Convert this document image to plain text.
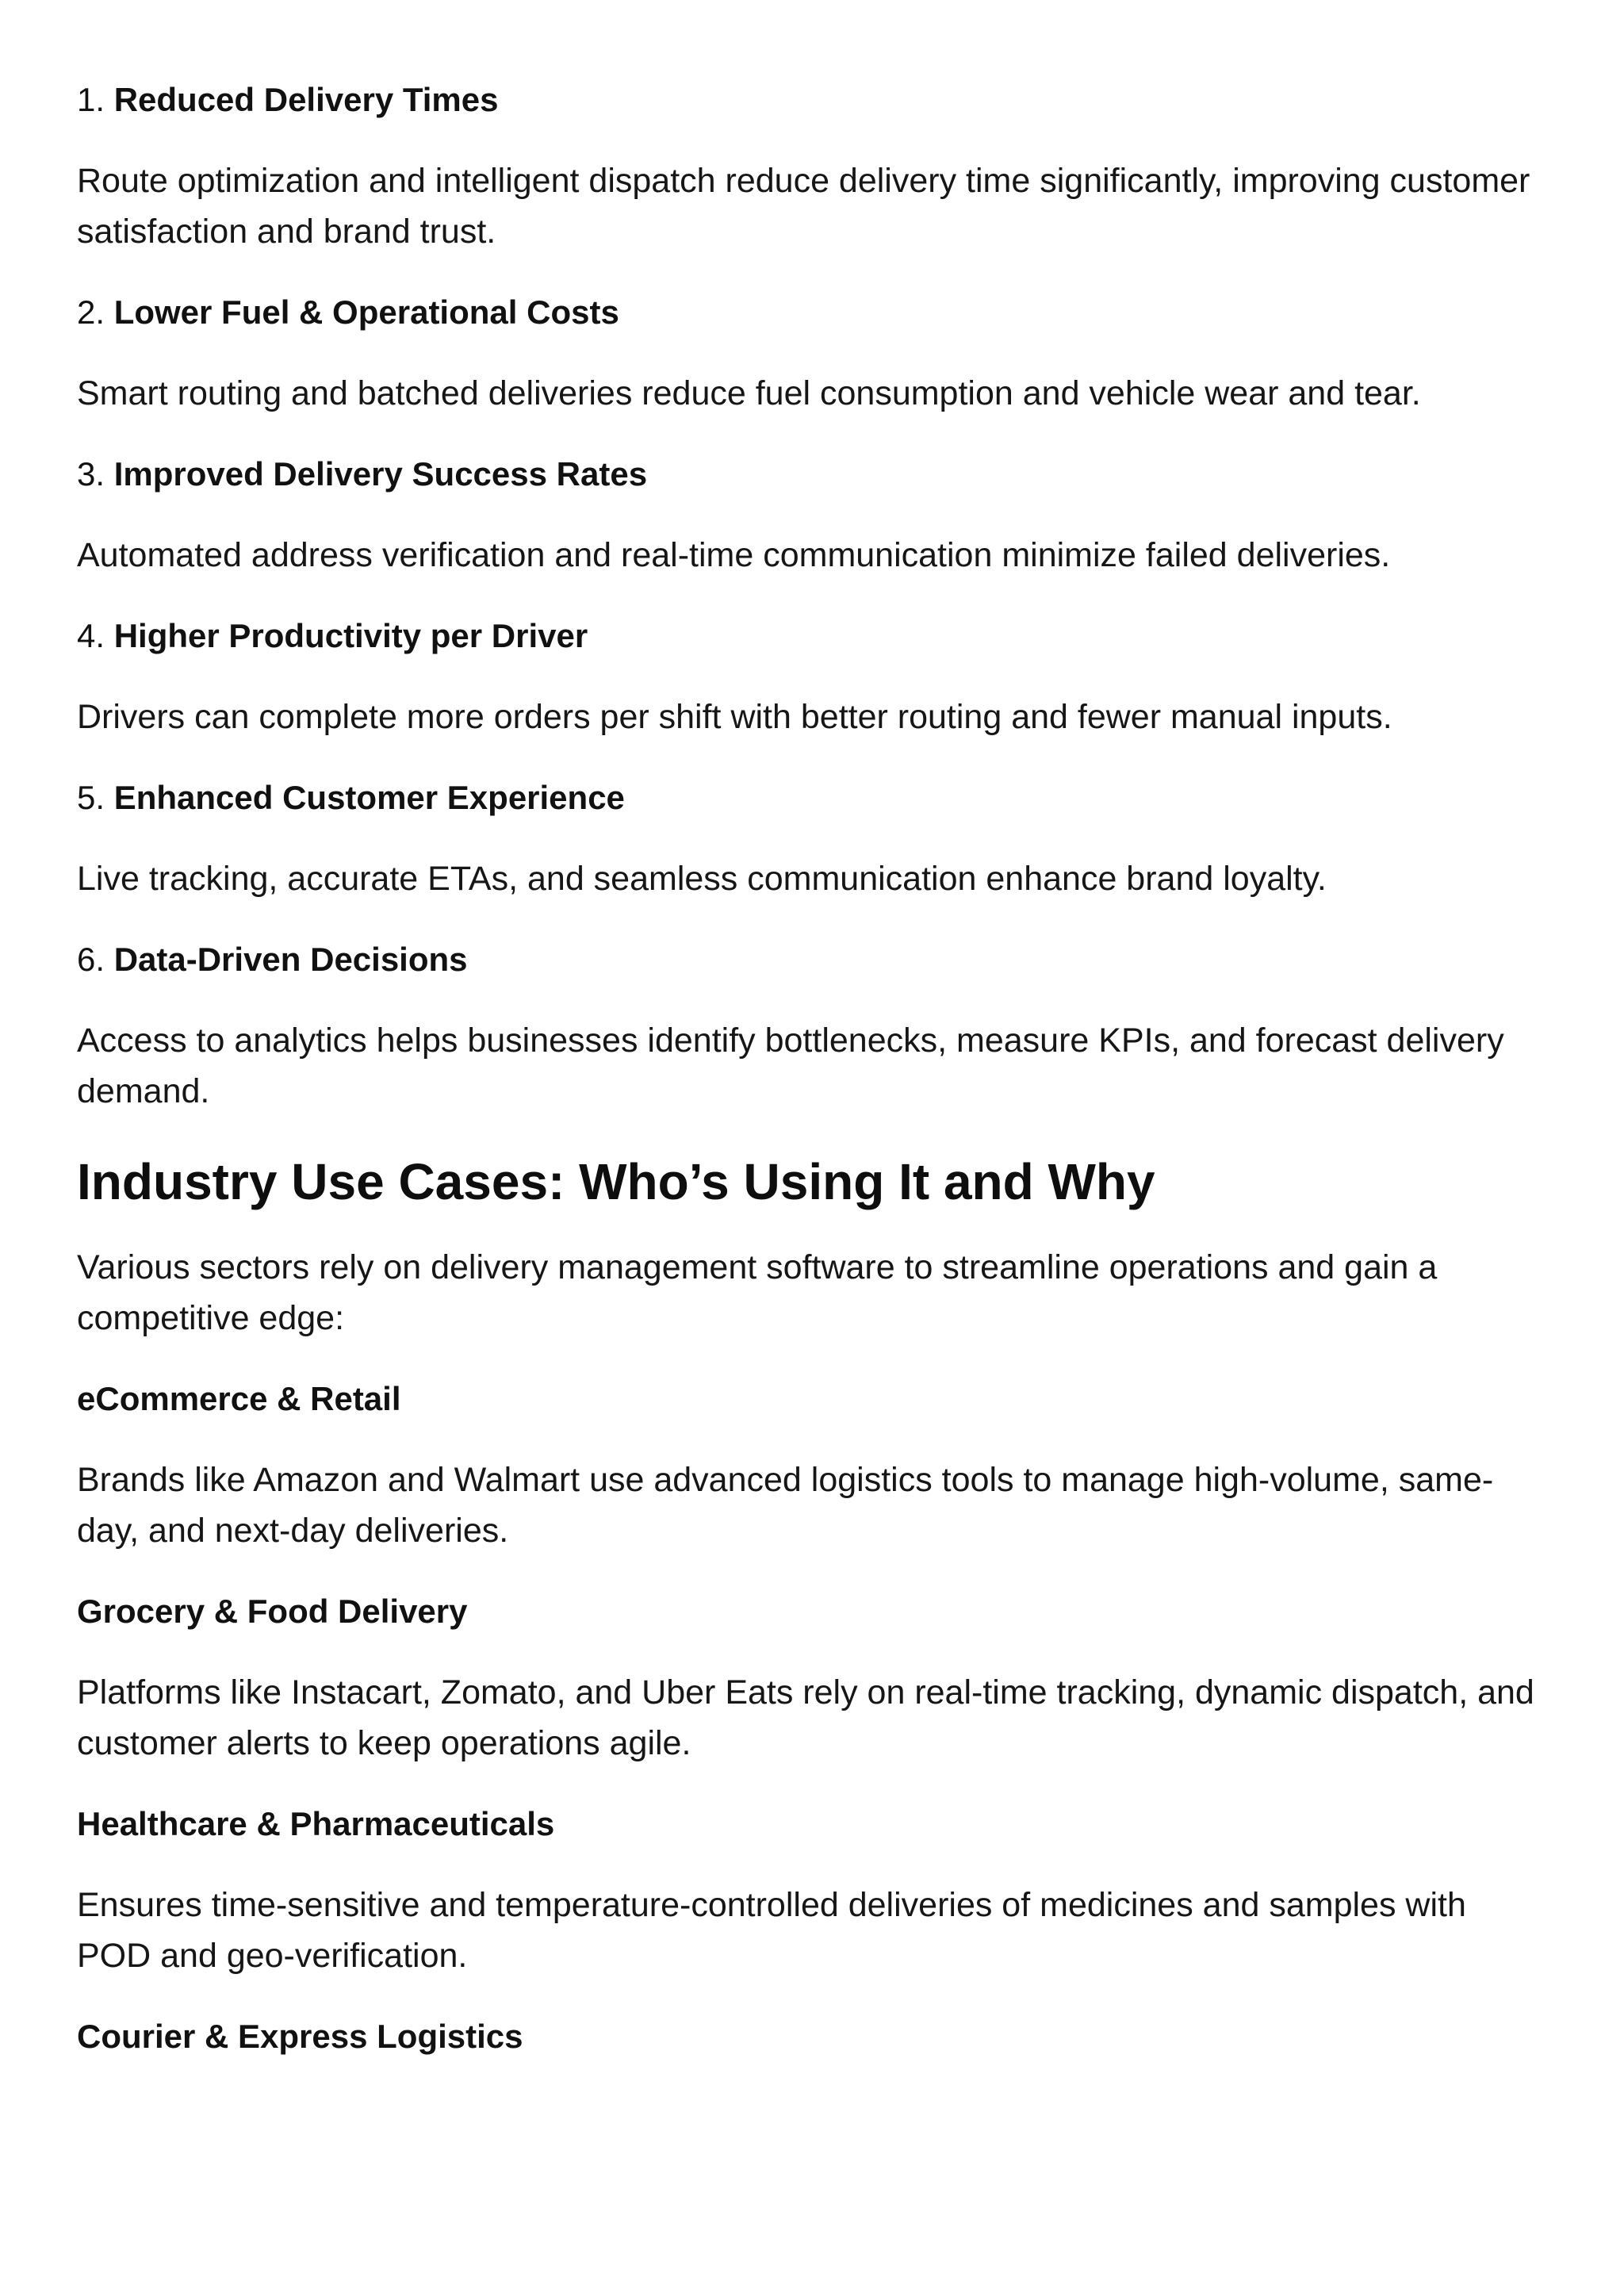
1. Reduced Delivery Times

Route optimization and intelligent dispatch reduce delivery time significantly, improving customer satisfaction and brand trust.

2. Lower Fuel & Operational Costs

Smart routing and batched deliveries reduce fuel consumption and vehicle wear and tear.

3. Improved Delivery Success Rates

Automated address verification and real-time communication minimize failed deliveries.

4. Higher Productivity per Driver

Drivers can complete more orders per shift with better routing and fewer manual inputs.

5. Enhanced Customer Experience

Live tracking, accurate ETAs, and seamless communication enhance brand loyalty.

6. Data-Driven Decisions

Access to analytics helps businesses identify bottlenecks, measure KPIs, and forecast delivery demand.

Industry Use Cases: Who’s Using It and Why

Various sectors rely on delivery management software to streamline operations and gain a competitive edge:

eCommerce & Retail

Brands like Amazon and Walmart use advanced logistics tools to manage high-volume, same-day, and next-day deliveries.

Grocery & Food Delivery

Platforms like Instacart, Zomato, and Uber Eats rely on real-time tracking, dynamic dispatch, and customer alerts to keep operations agile.

Healthcare & Pharmaceuticals

Ensures time-sensitive and temperature-controlled deliveries of medicines and samples with POD and geo-verification.

Courier & Express Logistics
